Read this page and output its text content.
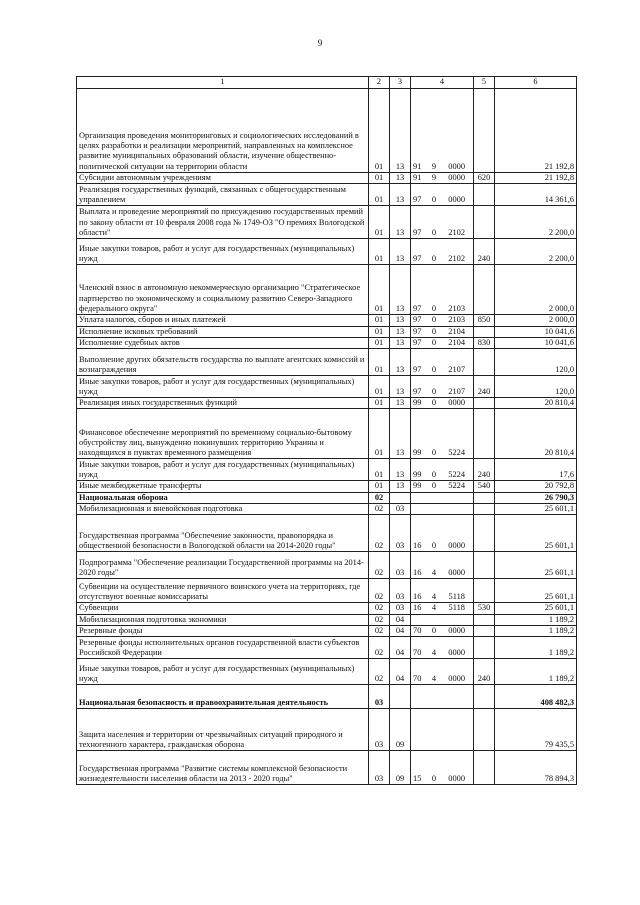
9
1	2	3	4	5	6
Организация проведения мониторинговых и социологических исследований в целях разработки и реализации мероприятий, направленных на комплексное развитие муниципальных образований области, изучение общественно-политической ситуации на территории области	01	13	91 9 0000		21 192,8
Субсидии автономным учреждениям	01	13	91 9 0000	620	21 192,8
Реализация государственных функций, связанных с общегосударственным управлением	01	13	97 0 0000		14 361,6
Выплата и проведение мероприятий по присуждению государственных премий по закону области от 10 февраля 2008 года № 1749-ОЗ "О премиях Вологодской области"	01	13	97 0 2102		2 200,0
Иные закупки товаров, работ и услуг для государственных (муниципальных) нужд	01	13	97 0 2102	240	2 200,0
Членский взнос в автономную некоммерческую организацию "Стратегическое партнерство по экономическому и социальному развитию Северо-Западного федерального округа"	01	13	97 0 2103		2 000,0
Уплата налогов, сборов и иных платежей	01	13	97 0 2103	850	2 000,0
Исполнение исковых требований	01	13	97 0 2104		10 041,6
Исполнение судебных актов	01	13	97 0 2104	830	10 041,6
Выполнение других обязательств государства по выплате агентских комиссий и вознаграждения	01	13	97 0 2107		120,0
Иные закупки товаров, работ и услуг для государственных (муниципальных) нужд	01	13	97 0 2107	240	120,0
Реализация иных государственных функций	01	13	99 0 0000		20 810,4
Финансовое обеспечение мероприятий по временному социально-бытовому обустройству лиц, вынужденно покинувших территорию Украины и находящихся в пунктах временного размещения	01	13	99 0 5224		20 810,4
Иные закупки товаров, работ и услуг для государственных (муниципальных) нужд	01	13	99 0 5224	240	17,6
Иные межбюджетные трансферты	01	13	99 0 5224	540	20 792,8
Национальная оборона	02				26 790,3
Мобилизационная и вневойсковая подготовка	02	03			25 601,1
Государственная программа "Обеспечение законности, правопорядка и общественной безопасности в Вологодской области на 2014-2020 годы"	02	03	16 0 0000		25 601,1
Подпрограмма "Обеспечение реализации Государственной программы на 2014-2020 годы"	02	03	16 4 0000		25 601,1
Субвенции на осуществление первичного воинского учета на территориях, где отсутствуют военные комиссариаты	02	03	16 4 5118		25 601,1
Субвенции	02	03	16 4 5118	530	25 601,1
Мобилизационная подготовка экономики	02	04			1 189,2
Резервные фонды	02	04	70 0 0000		1 189,2
Резервные фонды исполнительных органов государственной власти субъектов Российской Федерации	02	04	70 4 0000		1 189,2
Иные закупки товаров, работ и услуг для государственных (муниципальных) нужд	02	04	70 4 0000	240	1 189,2
Национальная безопасность и правоохранительная деятельность	03				408 482,3
Защита населения и территории от чрезвычайных ситуаций природного и техногенного характера, гражданская оборона	03	09			79 435,5
Государственная программа "Развитие системы комплексной безопасности жизнедеятельности населения области на 2013 - 2020 годы"	03	09	15 0 0000		78 894,3
